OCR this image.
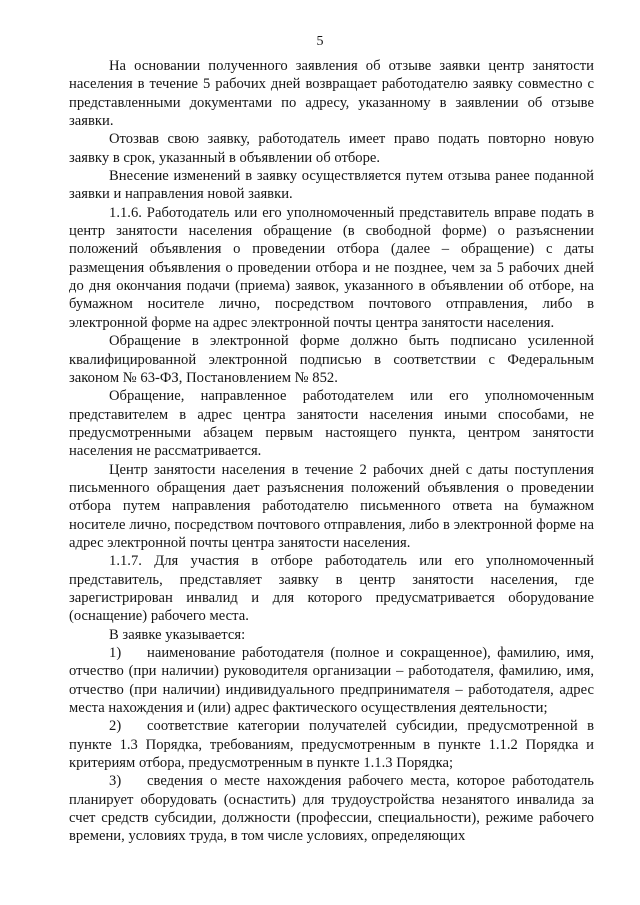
5

На основании полученного заявления об отзыве заявки центр занятости населения в течение 5 рабочих дней возвращает работодателю заявку совместно с представленными документами по адресу, указанному в заявлении об отзыве заявки.

Отозвав свою заявку, работодатель имеет право подать повторно новую заявку в срок, указанный в объявлении об отборе.

Внесение изменений в заявку осуществляется путем отзыва ранее поданной заявки и направления новой заявки.

1.1.6. Работодатель или его уполномоченный представитель вправе подать в центр занятости населения обращение (в свободной форме) о разъяснении положений объявления о проведении отбора (далее – обращение) с даты размещения объявления о проведении отбора и не позднее, чем за 5 рабочих дней до дня окончания подачи (приема) заявок, указанного в объявлении об отборе, на бумажном носителе лично, посредством почтового отправления, либо в электронной форме на адрес электронной почты центра занятости населения.

Обращение в электронной форме должно быть подписано усиленной квалифицированной электронной подписью в соответствии с Федеральным законом № 63-ФЗ, Постановлением № 852.

Обращение, направленное работодателем или его уполномоченным представителем в адрес центра занятости населения иными способами, не предусмотренными абзацем первым настоящего пункта, центром занятости населения не рассматривается.

Центр занятости населения в течение 2 рабочих дней с даты поступления письменного обращения дает разъяснения положений объявления о проведении отбора путем направления работодателю письменного ответа на бумажном носителе лично, посредством почтового отправления, либо в электронной форме на адрес электронной почты центра занятости населения.

1.1.7. Для участия в отборе работодатель или его уполномоченный представитель, представляет заявку в центр занятости населения, где зарегистрирован инвалид и для которого предусматривается оборудование (оснащение) рабочего места.

В заявке указывается:

1) наименование работодателя (полное и сокращенное), фамилию, имя, отчество (при наличии) руководителя организации – работодателя, фамилию, имя, отчество (при наличии) индивидуального предпринимателя – работодателя, адрес места нахождения и (или) адрес фактического осуществления деятельности;

2) соответствие категории получателей субсидии, предусмотренной в пункте 1.3 Порядка, требованиям, предусмотренным в пункте 1.1.2 Порядка и критериям отбора, предусмотренным в пункте 1.1.3 Порядка;

3) сведения о месте нахождения рабочего места, которое работодатель планирует оборудовать (оснастить) для трудоустройства незанятого инвалида за счет средств субсидии, должности (профессии, специальности), режиме рабочего времени, условиях труда, в том числе условиях, определяющих
